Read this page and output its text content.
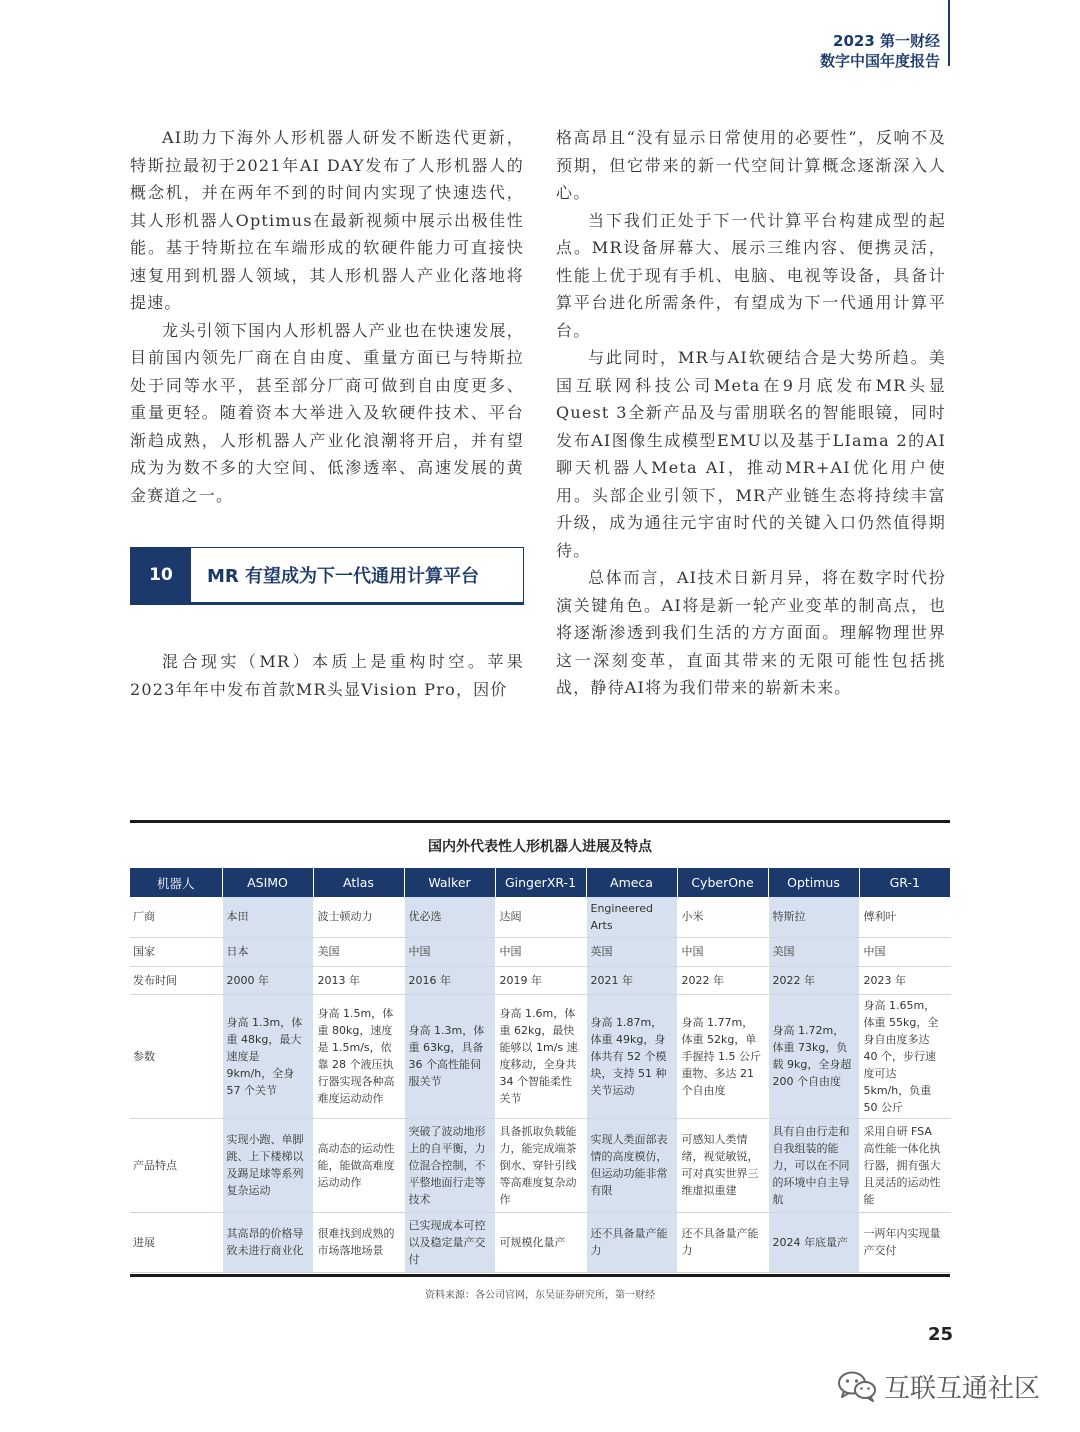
2023 第一财经
数字中国年度报告

AI助力下海外人形机器人研发不断迭代更新，特斯拉最初于2021年AI DAY发布了人形机器人的概念机，并在两年不到的时间内实现了快速迭代，其人形机器人Optimus在最新视频中展示出极佳性能。基于特斯拉在车端形成的软硬件能力可直接快速复用到机器人领域，其人形机器人产业化落地将提速。

龙头引领下国内人形机器人产业也在快速发展，目前国内领先厂商在自由度、重量方面已与特斯拉处于同等水平，甚至部分厂商可做到自由度更多、重量更轻。随着资本大举进入及软硬件技术、平台渐趋成熟，人形机器人产业化浪潮将开启，并有望成为为数不多的大空间、低渗透率、高速发展的黄金赛道之一。

10	MR 有望成为下一代通用计算平台

混合现实（MR）本质上是重构时空。苹果2023年年中发布首款MR头显Vision Pro，因价

格高昂且“没有显示日常使用的必要性”，反响不及预期，但它带来的新一代空间计算概念逐渐深入人心。

当下我们正处于下一代计算平台构建成型的起点。MR设备屏幕大、展示三维内容、便携灵活，性能上优于现有手机、电脑、电视等设备，具备计算平台进化所需条件，有望成为下一代通用计算平台。

与此同时，MR与AI软硬结合是大势所趋。美国互联网科技公司Meta在9月底发布MR头显Quest 3全新产品及与雷朋联名的智能眼镜，同时发布AI图像生成模型EMU以及基于LIama 2的AI聊天机器人Meta AI，推动MR+AI优化用户使用。头部企业引领下，MR产业链生态将持续丰富升级，成为通往元宇宙时代的关键入口仍然值得期待。

总体而言，AI技术日新月异，将在数字时代扮演关键角色。AI将是新一轮产业变革的制高点，也将逐渐渗透到我们生活的方方面面。理解物理世界这一深刻变革，直面其带来的无限可能性包括挑战，静待AI将为我们带来的崭新未来。

国内外代表性人形机器人进展及特点
机器人	ASIMO	Atlas	Walker	GingerXR-1	Ameca	CyberOne	Optimus	GR-1
厂商	本田	波士顿动力	优必选	达闼	Engineered Arts	小米	特斯拉	傅利叶
国家	日本	美国	中国	中国	英国	中国	美国	中国
发布时间	2000 年	2013 年	2016 年	2019 年	2021 年	2022 年	2022 年	2023 年
参数	身高 1.3m，体重 48kg，最大速度是 9km/h，全身 57 个关节	身高 1.5m，体重 80kg，速度是 1.5m/s，依靠 28 个液压执行器实现各种高难度运动动作	身高 1.3m，体重 63kg，具备 36 个高性能伺服关节	身高 1.6m，体重 62kg，最快能够以 1m/s 速度移动，全身共 34 个智能柔性关节	身高 1.87m，体重 49kg，身体共有 52 个模块，支持 51 种关节运动	身高 1.77m，体重 52kg，单手握持 1.5 公斤重物、多达 21 个自由度	身高 1.72m，体重 73kg，负载 9kg，全身超 200 个自由度	身高 1.65m，体重 55kg，全身自由度多达 40 个，步行速度可达 5km/h，负重 50 公斤
产品特点	实现小跑、单脚跳、上下楼梯以及踢足球等系列复杂运动	高动态的运动性能，能做高难度运动动作	突破了波动地形上的自平衡，力位混合控制，不平整地面行走等技术	具备抓取负载能力，能完成端茶倒水、穿针引线等高难度复杂动作	实现人类面部表情的高度模仿，但运动功能非常有限	可感知人类情绪，视觉敏锐，可对真实世界三维虚拟重建	具有自由行走和自我组装的能力，可以在不同的环境中自主导航	采用自研 FSA 高性能一体化执行器，拥有强大且灵活的运动性能
进展	其高昂的价格导致未进行商业化	很难找到成熟的市场落地场景	已实现成本可控以及稳定量产交付	可规模化量产	还不具备量产能力	还不具备量产能力	2024 年底量产	一两年内实现量产交付
资料来源：各公司官网，东吴证券研究所，第一财经
25
互联互通社区
